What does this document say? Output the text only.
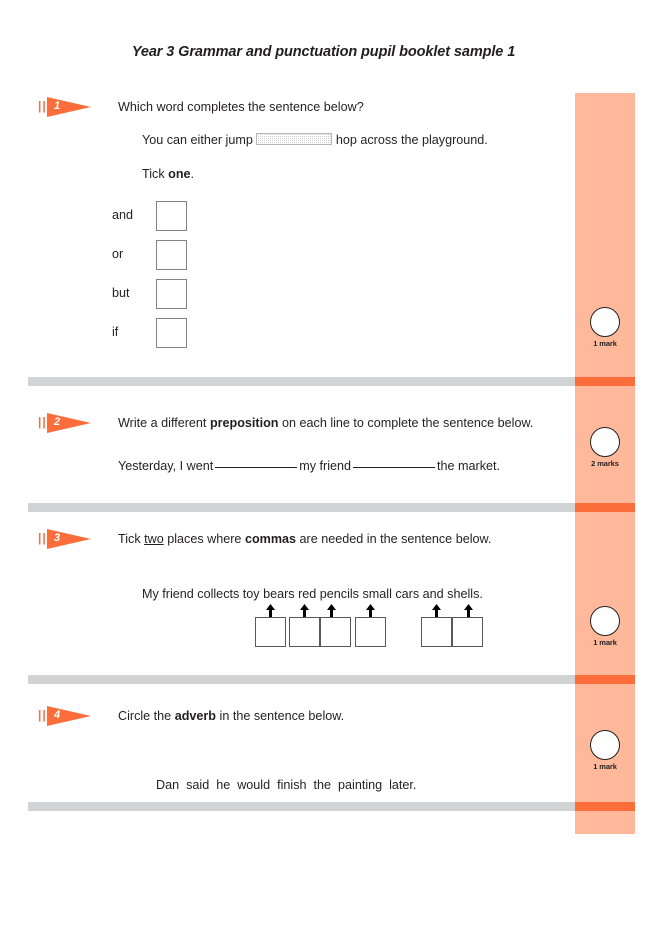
Year 3 Grammar and punctuation pupil booklet sample 1
|| 1	Which word completes the sentence below?
You can either jump	hop across the playground.
Tick one.
and
or
but
if
1 mark
|| 2	Write a different preposition on each line to complete the sentence below.
Yesterday, I went	my friend	the market.	2 marks
|| 3	Tick two places where commas are needed in the sentence below.
My friend collects toy bears red pencils small cars and shells.
1 mark
|| 4	Circle the adverb in the sentence below.

Dan  said  he  would  finish  the  painting  later.

1 mark
